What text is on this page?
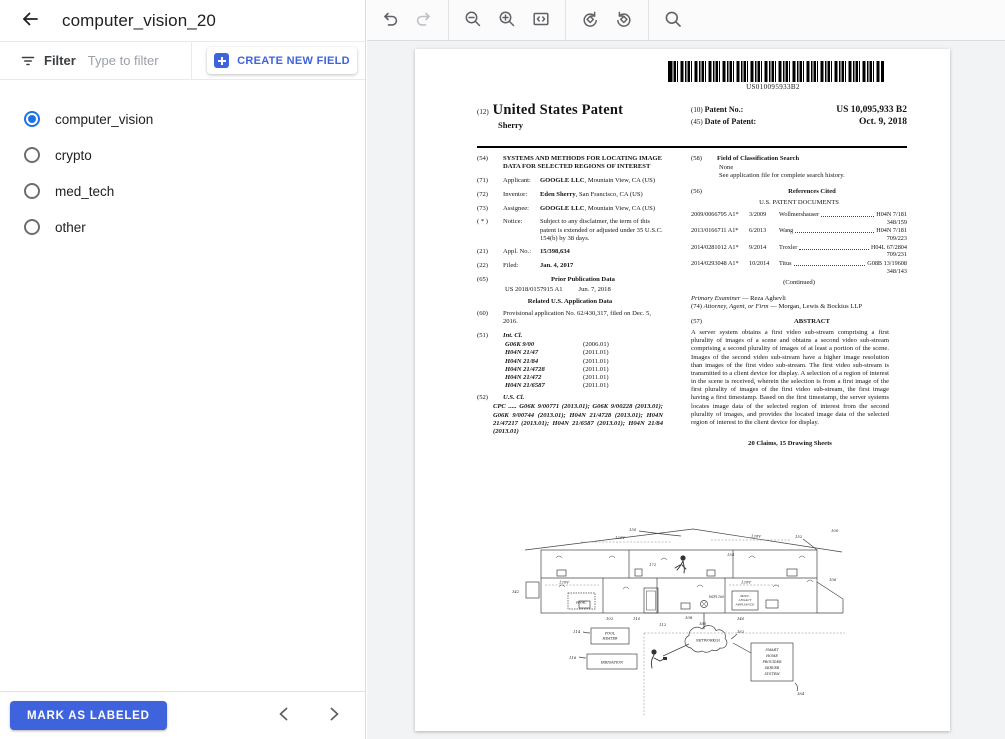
computer_vision_20
Filter
Type to filter	CREATE NEW FIELD
computer_vision
crypto
med_tech
other
MARK AS LABELED
US010095933B2
(12) United States Patent
Sherry
(10) Patent No.:	US 10,095,933 B2
(45) Date of Patent:	Oct. 9, 2018
(54)	SYSTEMS AND METHODS FOR LOCATING IMAGE DATA FOR SELECTED REGIONS OF INTEREST
(71)	Applicant:	GOOGLE LLC, Mountain View, CA (US)
(72)	Inventor:	Eden Sherry, San Francisco, CA (US)
(73)	Assignee:	GOOGLE LLC, Mountain View, CA (US)
( * )	Notice:	Subject to any disclaimer, the term of this patent is extended or adjusted under 35 U.S.C. 154(b) by 38 days.
(21)	Appl. No.:	15/398,634
(22)	Filed:	Jan. 4, 2017
(65)	Prior Publication Data
US 2018/0157915 A1 Jun. 7, 2018
Related U.S. Application Data
(60)	Provisional application No. 62/430,317, filed on Dec. 5, 2016.
(51)	Int. Cl.
G06K 9/00	(2006.01)
H04N 21/47	(2011.01)
H04N 21/84	(2011.01)
H04N 21/4728	(2011.01)
H04N 21/472	(2011.01)
H04N 21/6587	(2011.01)
(52)	U.S. Cl.
CPC ..... G06K 9/00771 (2013.01); G06K 9/00228 (2013.01); G06K 9/00744 (2013.01); H04N 21/4728 (2013.01); H04N 21/47217 (2013.01); H04N 21/6587 (2013.01); H04N 21/84 (2013.01)
(58)	Field of Classification Search
None
See application file for complete search history.
(56)	References Cited
U.S. PATENT DOCUMENTS
2009/0066795 A1*	3/2009	Wollmershauser	H04N 7/181
348/159
2013/0166711 A1*	6/2013	Wang	H04N 7/181
709/223
2014/0281012 A1*	9/2014	Troxler	H04L 67/2804
709/231
2014/0293048 A1*	10/2014	Titus	G08B 13/19608
348/143
(Continued)
Primary Examiner — Reza Aghevli
(74) Attorney, Agent, or Firm — Morgan, Lewis & Bockius LLP
(57)	ABSTRACT
A server system obtains a first video sub-stream comprising a first plurality of images of a scene and obtains a second video sub-stream comprising a second plurality of images of at least a portion of the scene. Images of the second video sub-stream have a higher image resolution than images of the first video sub-stream. The first video sub-stream is transmitted to a client device for display. A selection of a region of interest in the scene is received, wherein the selection is from a first image of the first plurality of images of the first video sub-stream, the first image having a first timestamp. Based on the first timestamp, the server systems locates image data of the selected region of interest from the second plurality of images, and provides the located image data of the selected region of interest to the client device for display.
20 Claims, 15 Drawing Sheets
150	100
152
154
172
142
106
102	110
112
108
160
140
114
116
162
164
120V	120V
120V	120V
WIFI 160
HVAC
MISC.
LEGACY
APPLIANCE
POOL
HEATER
IRRIGATION
NETWORK(S)
SMART
HOME
PROVIDER
SERVER
SYSTEM
